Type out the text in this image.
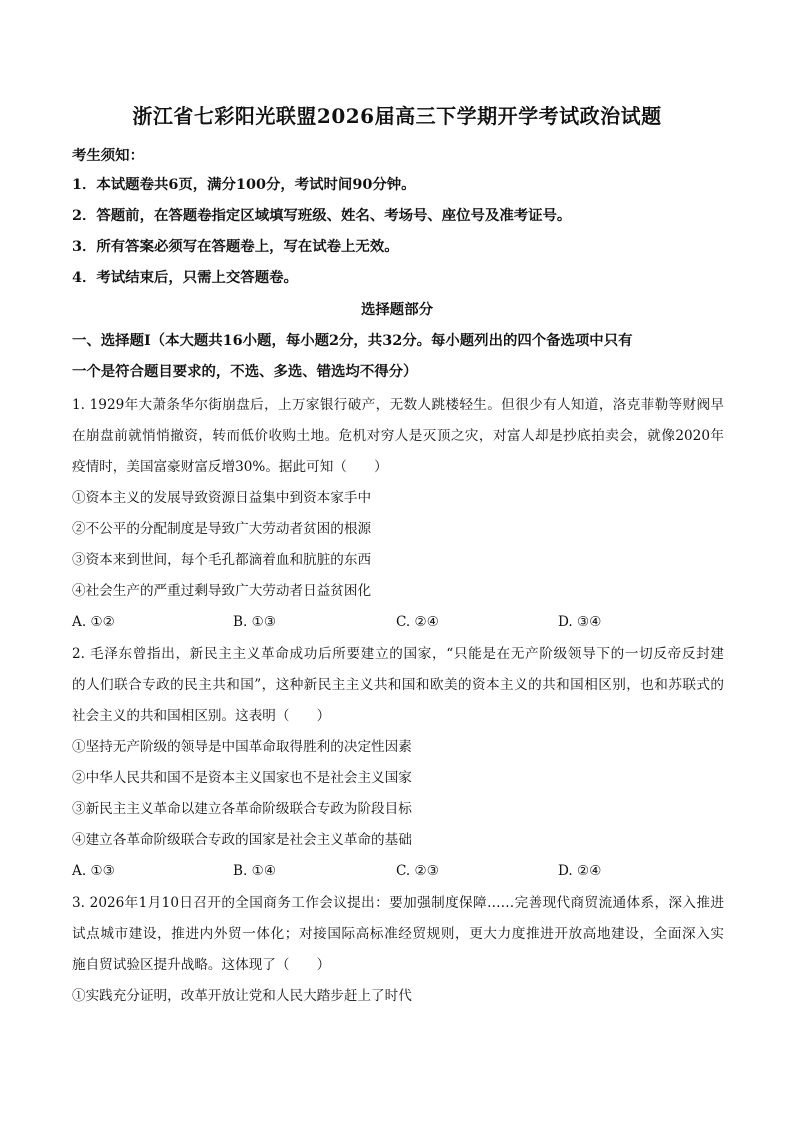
浙江省七彩阳光联盟2026届高三下学期开学考试政治试题
考生须知：
1．本试题卷共6页，满分100分，考试时间90分钟。
2．答题前，在答题卷指定区域填写班级、姓名、考场号、座位号及准考证号。
3．所有答案必须写在答题卷上，写在试卷上无效。
4．考试结束后，只需上交答题卷。
选择题部分
一、选择题Ⅰ（本大题共16小题，每小题2分，共32分。每小题列出的四个备选项中只有
一个是符合题目要求的，不选、多选、错选均不得分）
1. 1929年大萧条华尔街崩盘后，上万家银行破产，无数人跳楼轻生。但很少有人知道，洛克菲勒等财阀早
在崩盘前就悄悄撤资，转而低价收购土地。危机对穷人是灭顶之灾，对富人却是抄底拍卖会，就像2020年
疫情时，美国富豪财富反增30%。据此可知（　　）
①资本主义的发展导致资源日益集中到资本家手中
②不公平的分配制度是导致广大劳动者贫困的根源
③资本来到世间，每个毛孔都滴着血和肮脏的东西
④社会生产的严重过剩导致广大劳动者日益贫困化
A. ①②	B. ①③	C. ②④	D. ③④
2. 毛泽东曾指出，新民主主义革命成功后所要建立的国家，“只能是在无产阶级领导下的一切反帝反封建
的人们联合专政的民主共和国”，这种新民主主义共和国和欧美的资本主义的共和国相区别，也和苏联式的
社会主义的共和国相区别。这表明（　　）
①坚持无产阶级的领导是中国革命取得胜利的决定性因素
②中华人民共和国不是资本主义国家也不是社会主义国家
③新民主主义革命以建立各革命阶级联合专政为阶段目标
④建立各革命阶级联合专政的国家是社会主义革命的基础
A. ①③	B. ①④	C. ②③	D. ②④
3. 2026年1月10日召开的全国商务工作会议提出：要加强制度保障……完善现代商贸流通体系，深入推进
试点城市建设，推进内外贸一体化；对接国际高标准经贸规则，更大力度推进开放高地建设，全面深入实
施自贸试验区提升战略。这体现了（　　）
①实践充分证明，改革开放让党和人民大踏步赶上了时代
